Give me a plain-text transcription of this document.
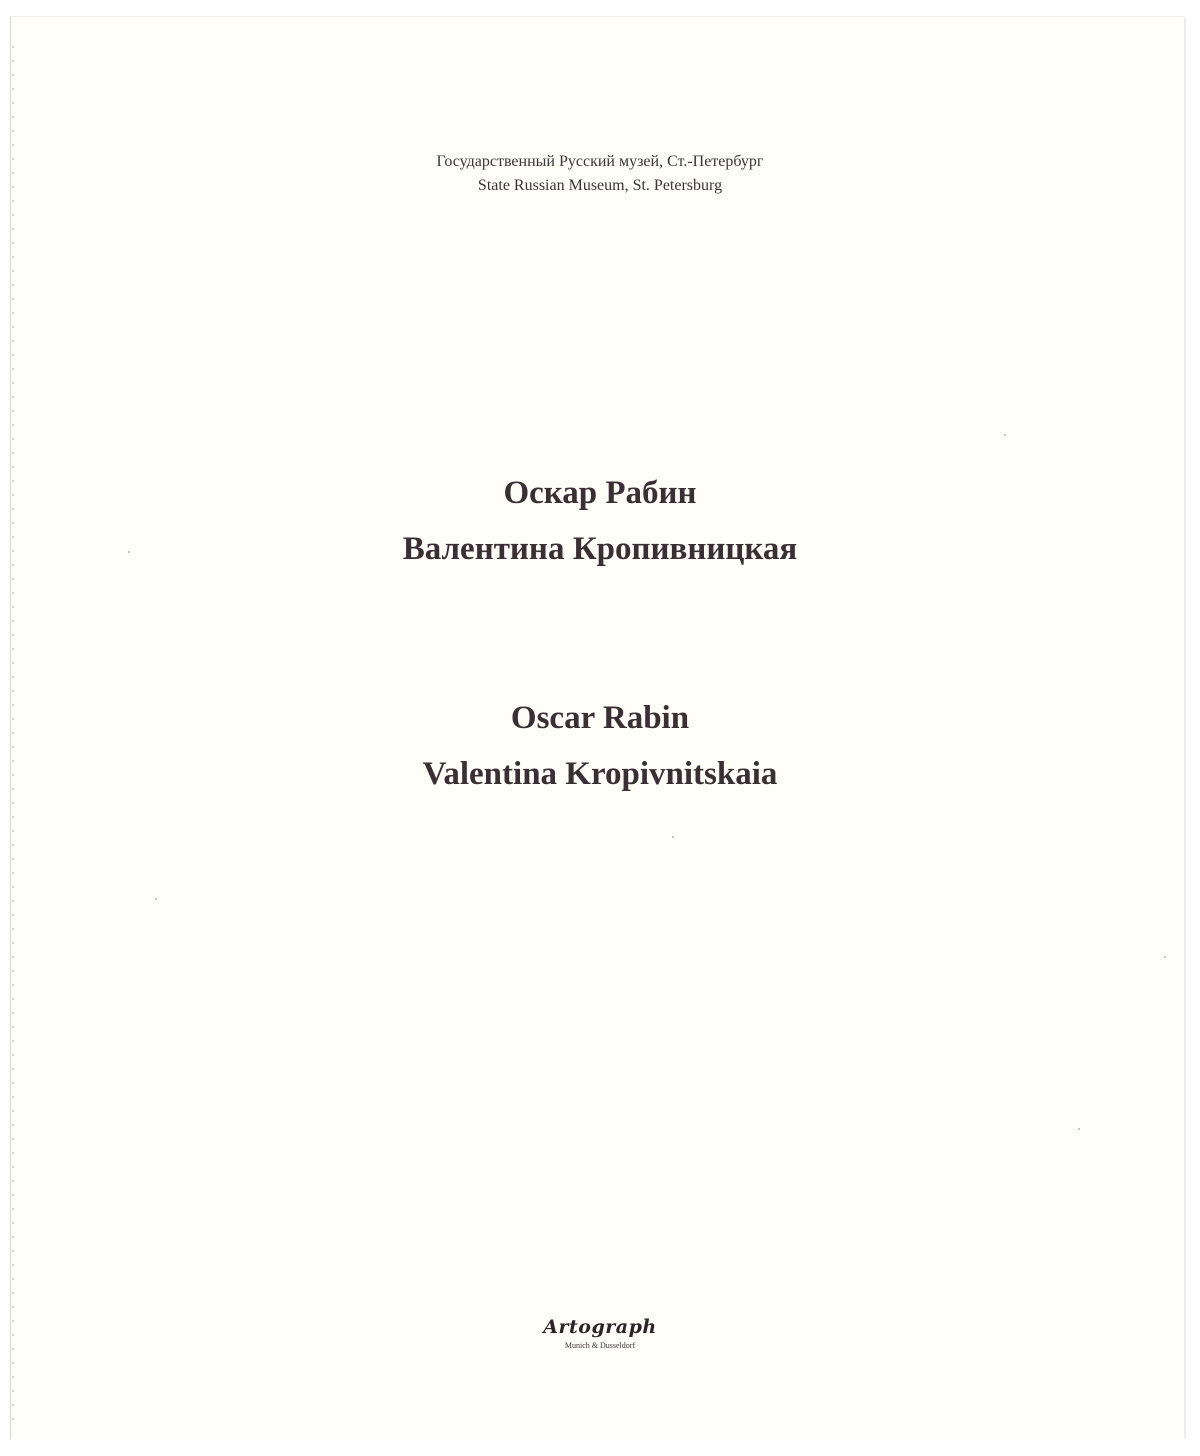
Государственный Русский музей, Ст.-Петербург
State Russian Museum, St. Petersburg
Оскар Рабин
Валентина Кропивницкая
Oscar Rabin
Valentina Kropivnitskaia
Artograph
Munich & Dusseldorf
